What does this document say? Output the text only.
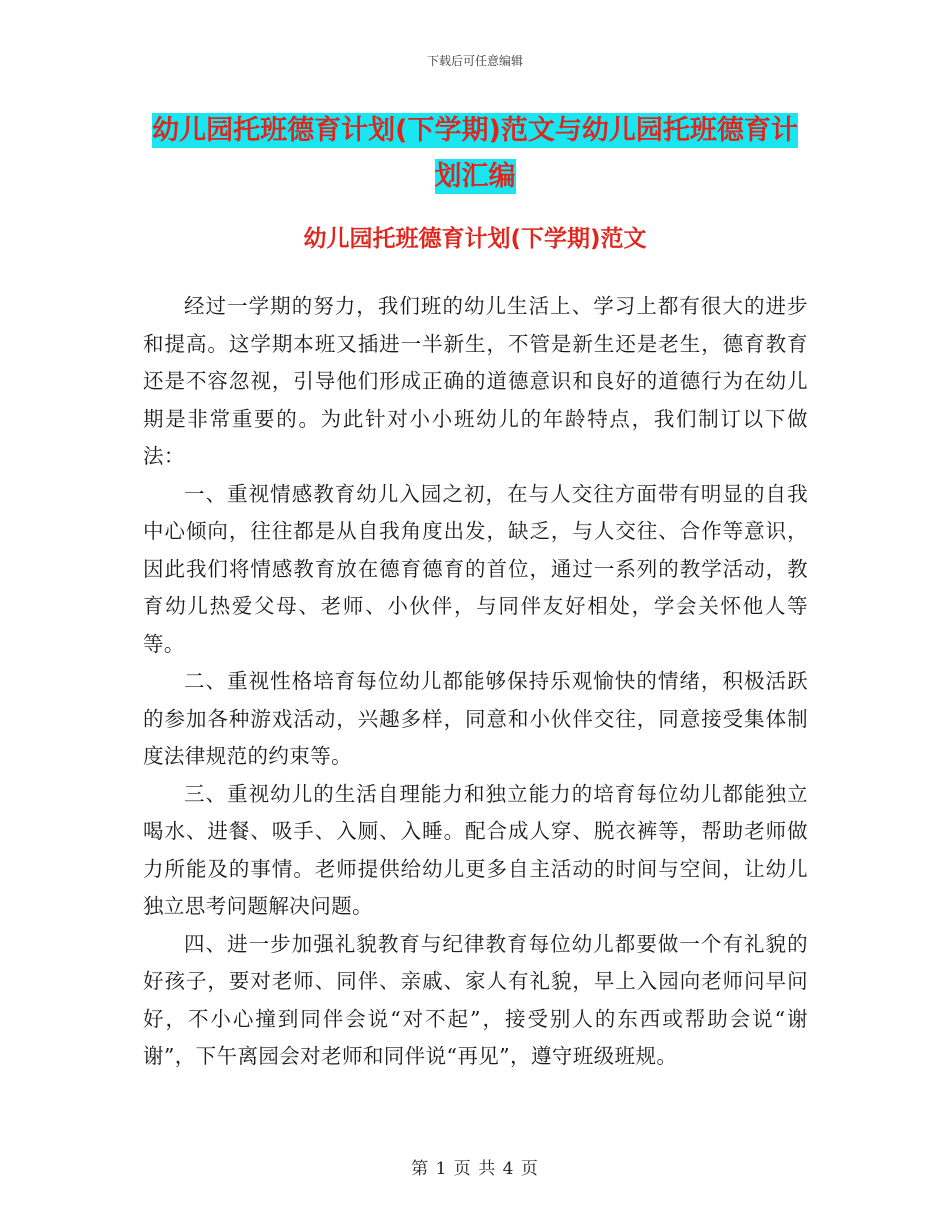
下载后可任意编辑
幼儿园托班德育计划(下学期)范文与幼儿园托班德育计划汇编
幼儿园托班德育计划(下学期)范文

经过一学期的努力，我们班的幼儿生活上、学习上都有很大的进步和提高。这学期本班又插进一半新生，不管是新生还是老生，德育教育还是不容忽视，引导他们形成正确的道德意识和良好的道德行为在幼儿期是非常重要的。为此针对小小班幼儿的年龄特点，我们制订以下做法：

一、重视情感教育幼儿入园之初，在与人交往方面带有明显的自我中心倾向，往往都是从自我角度出发，缺乏，与人交往、合作等意识，因此我们将情感教育放在德育德育的首位，通过一系列的教学活动，教育幼儿热爱父母、老师、小伙伴，与同伴友好相处，学会关怀他人等等。

二、重视性格培育每位幼儿都能够保持乐观愉快的情绪，积极活跃的参加各种游戏活动，兴趣多样，同意和小伙伴交往，同意接受集体制度法律规范的约束等。

三、重视幼儿的生活自理能力和独立能力的培育每位幼儿都能独立喝水、进餐、吸手、入厕、入睡。配合成人穿、脱衣裤等，帮助老师做力所能及的事情。老师提供给幼儿更多自主活动的时间与空间，让幼儿独立思考问题解决问题。

四、进一步加强礼貌教育与纪律教育每位幼儿都要做一个有礼貌的好孩子，要对老师、同伴、亲戚、家人有礼貌，早上入园向老师问早问好，不小心撞到同伴会说“对不起”，接受别人的东西或帮助会说“谢谢”，下午离园会对老师和同伴说“再见”，遵守班级班规。

第 1 页 共 4 页
